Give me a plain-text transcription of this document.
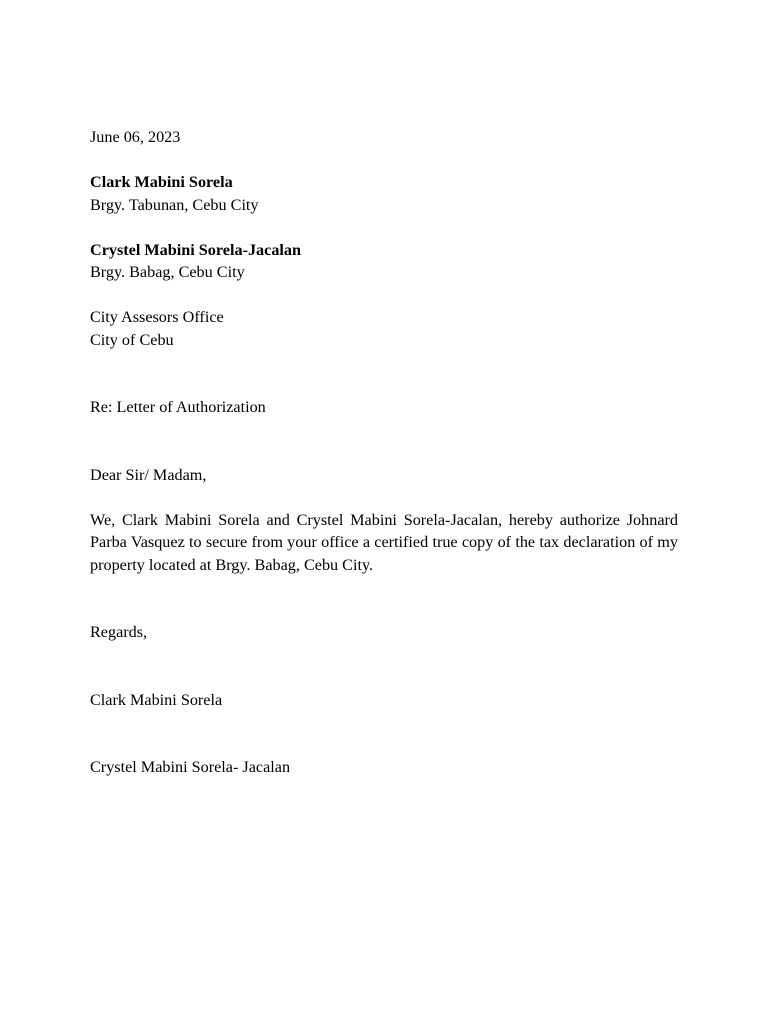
June 06, 2023
Clark Mabini Sorela
Brgy. Tabunan, Cebu City
Crystel Mabini Sorela-Jacalan
Brgy. Babag, Cebu City
City Assesors Office
City of Cebu
Re: Letter of Authorization
Dear Sir/ Madam,
We, Clark Mabini Sorela and Crystel Mabini Sorela-Jacalan, hereby authorize Johnard Parba Vasquez to secure from your office a certified true copy of the tax declaration of my property located at Brgy. Babag, Cebu City.
Regards,
Clark Mabini Sorela
Crystel Mabini Sorela- Jacalan
